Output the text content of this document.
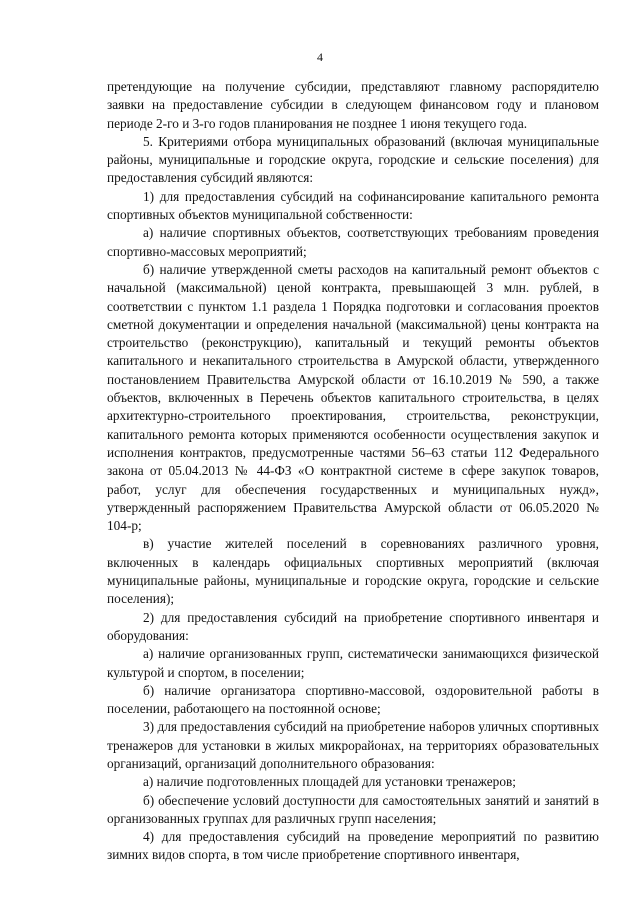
4

претендующие на получение субсидии, представляют главному распорядителю заявки на предоставление субсидии в следующем финансовом году и плановом периоде 2-го и 3-го годов планирования не позднее 1 июня текущего года.

5. Критериями отбора муниципальных образований (включая муниципальные районы, муниципальные и городские округа, городские и сельские поселения) для предоставления субсидий являются:

1) для предоставления субсидий на софинансирование капитального ремонта спортивных объектов муниципальной собственности:

а) наличие спортивных объектов, соответствующих требованиям проведения спортивно-массовых мероприятий;

б) наличие утвержденной сметы расходов на капитальный ремонт объектов с начальной (максимальной) ценой контракта, превышающей 3 млн. рублей, в соответствии с пунктом 1.1 раздела 1 Порядка подготовки и согласования проектов сметной документации и определения начальной (максимальной) цены контракта на строительство (реконструкцию), капитальный и текущий ремонты объектов капитального и некапитального строительства в Амурской области, утвержденного постановлением Правительства Амурской области от 16.10.2019 № 590, а также объектов, включенных в Перечень объектов капитального строительства, в целях архитектурно-строительного проектирования, строительства, реконструкции, капитального ремонта которых применяются особенности осуществления закупок и исполнения контрактов, предусмотренные частями 56–63 статьи 112 Федерального закона от 05.04.2013 № 44-ФЗ «О контрактной системе в сфере закупок товаров, работ, услуг для обеспечения государственных и муниципальных нужд», утвержденный распоряжением Правительства Амурской области от 06.05.2020 № 104-р;

в) участие жителей поселений в соревнованиях различного уровня, включенных в календарь официальных спортивных мероприятий (включая муниципальные районы, муниципальные и городские округа, городские и сельские поселения);

2) для предоставления субсидий на приобретение спортивного инвентаря и оборудования:

а) наличие организованных групп, систематически занимающихся физической культурой и спортом, в поселении;

б) наличие организатора спортивно-массовой, оздоровительной работы в поселении, работающего на постоянной основе;

3) для предоставления субсидий на приобретение наборов уличных спортивных тренажеров для установки в жилых микрорайонах, на территориях образовательных организаций, организаций дополнительного образования:

а) наличие подготовленных площадей для установки тренажеров;

б) обеспечение условий доступности для самостоятельных занятий и занятий в организованных группах для различных групп населения;

4) для предоставления субсидий на проведение мероприятий по развитию зимних видов спорта, в том числе приобретение спортивного инвентаря,
